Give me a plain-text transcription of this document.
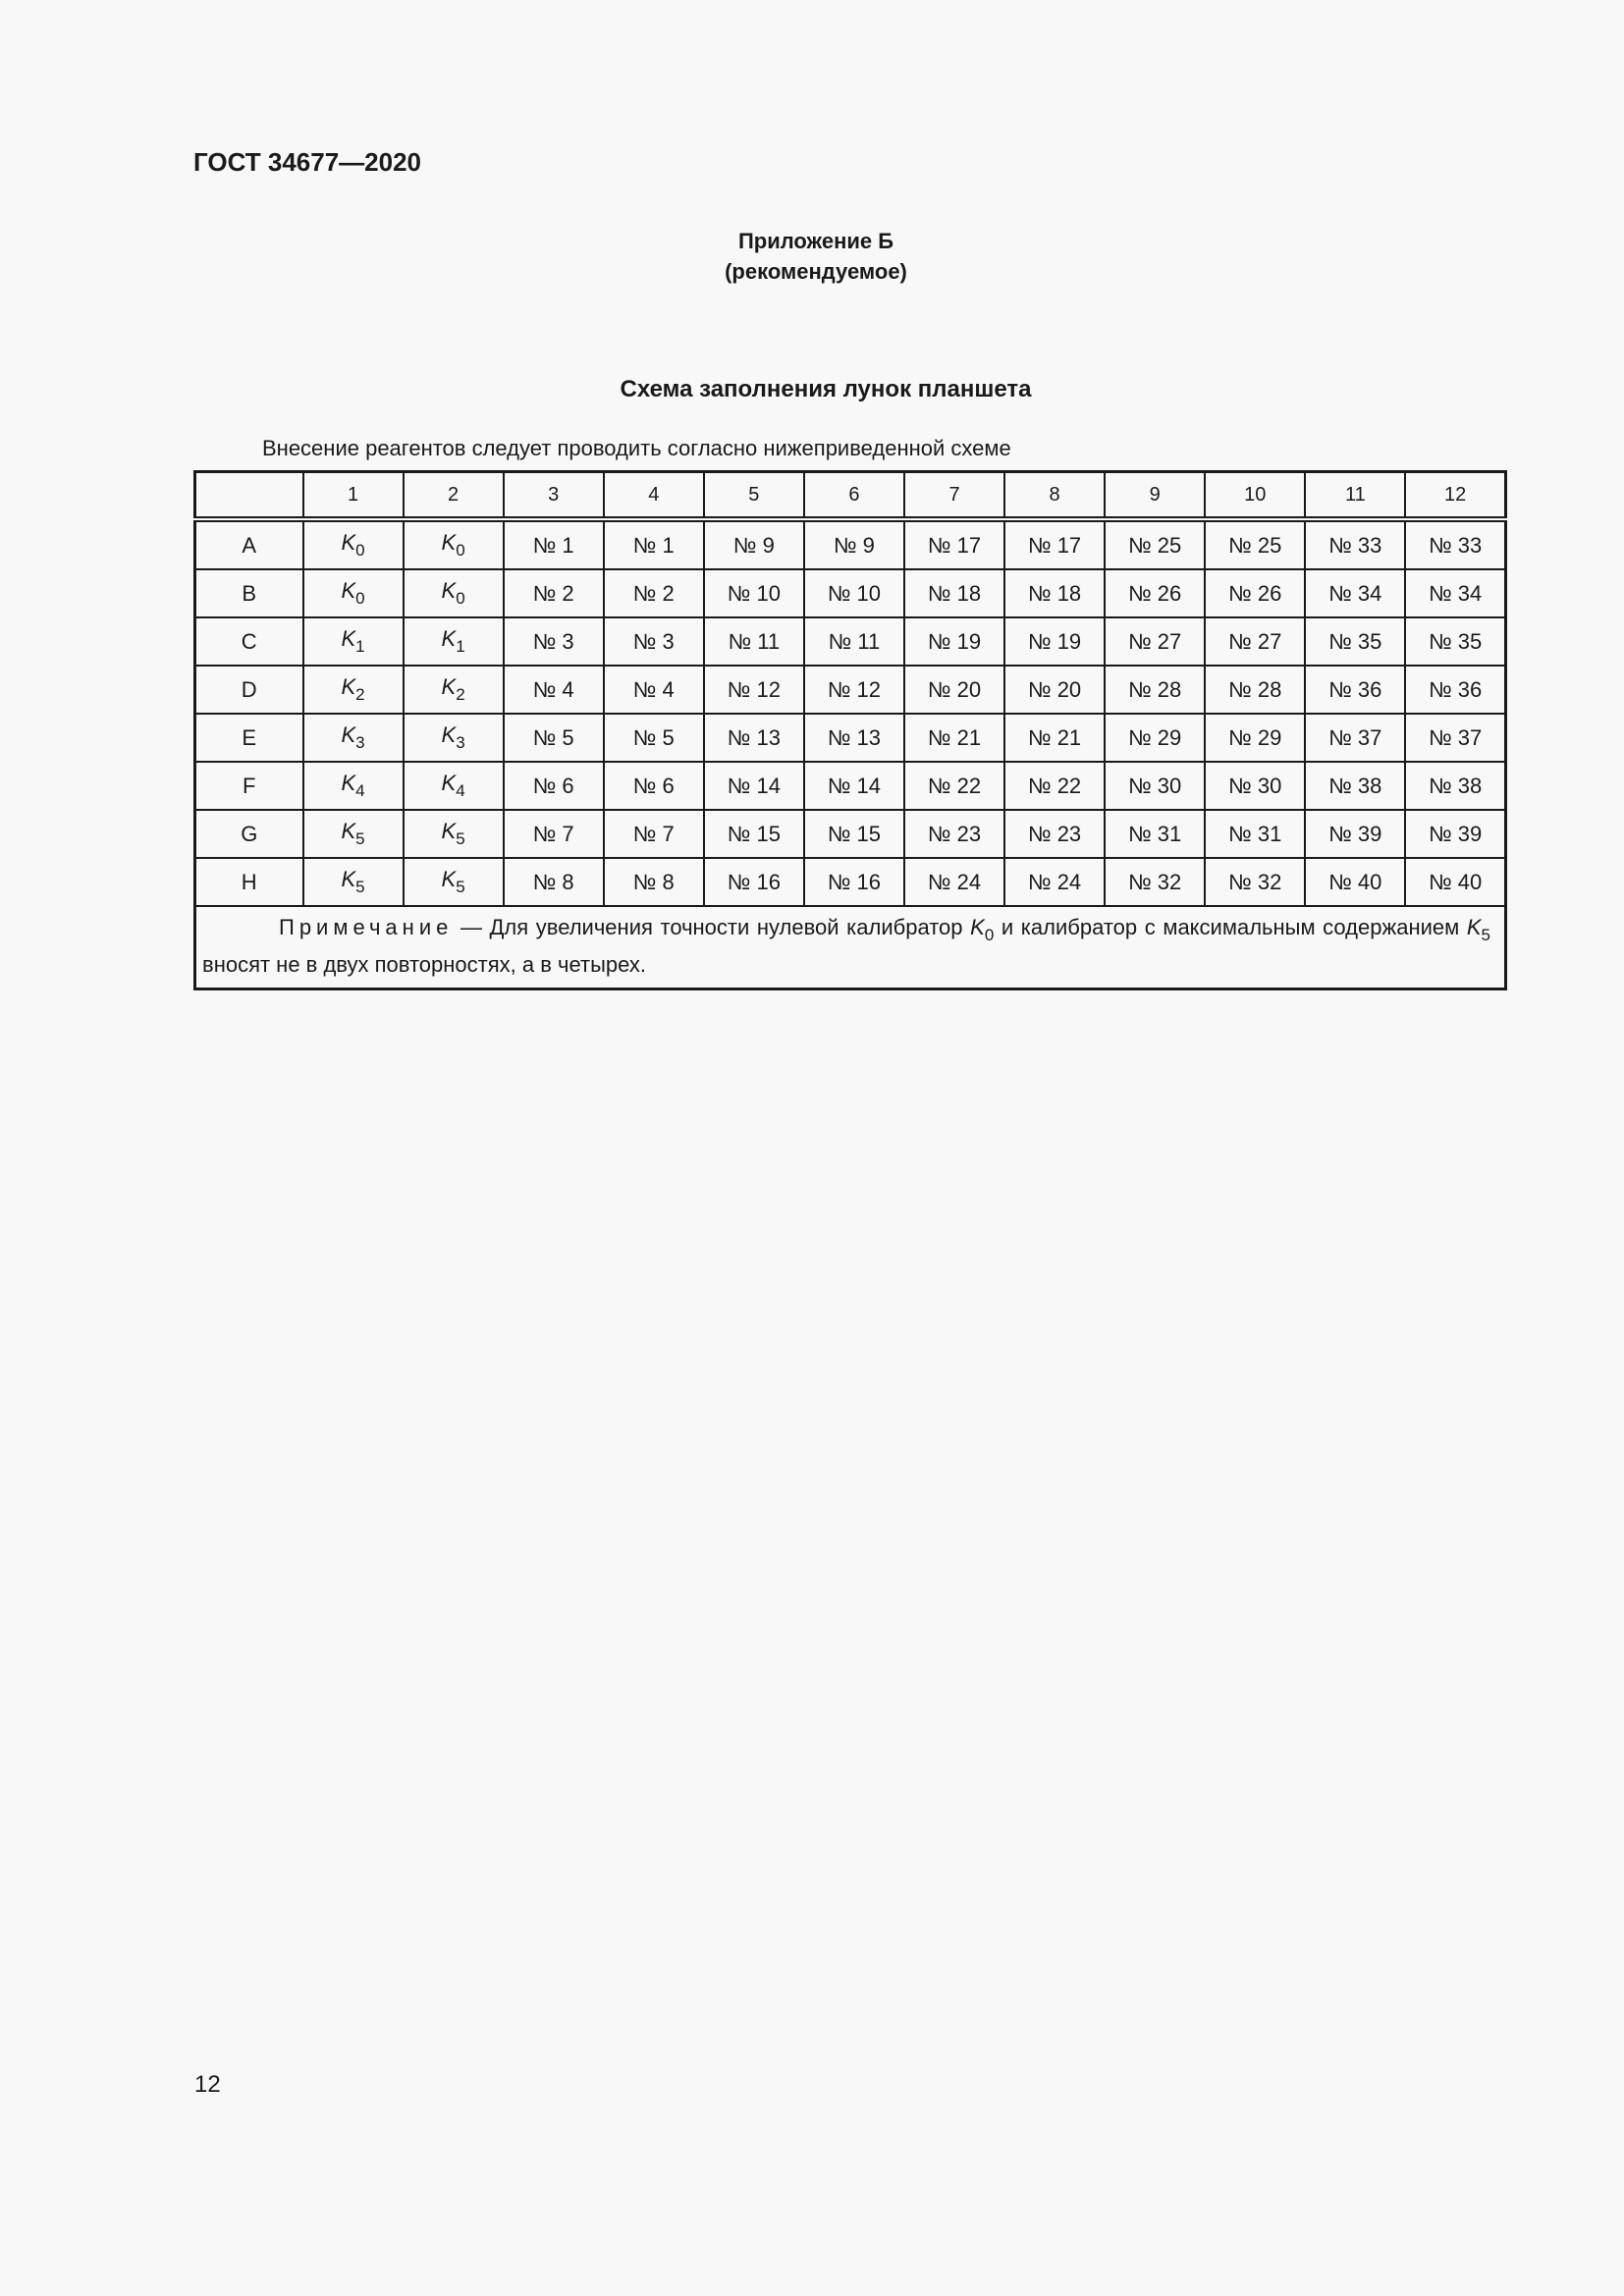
ГОСТ 34677—2020
Приложение Б
(рекомендуемое)
Схема заполнения лунок планшета
Внесение реагентов следует проводить согласно нижеприведенной схеме
	1	2	3	4	5	6	7	8	9	10	11	12
A	$K_0$	$K_0$	№ 1	№ 1	№ 9	№ 9	№ 17	№ 17	№ 25	№ 25	№ 33	№ 33
B	$K_0$	$K_0$	№ 2	№ 2	№ 10	№ 10	№ 18	№ 18	№ 26	№ 26	№ 34	№ 34
C	$K_1$	$K_1$	№ 3	№ 3	№ 11	№ 11	№ 19	№ 19	№ 27	№ 27	№ 35	№ 35
D	$K_2$	$K_2$	№ 4	№ 4	№ 12	№ 12	№ 20	№ 20	№ 28	№ 28	№ 36	№ 36
E	$K_3$	$K_3$	№ 5	№ 5	№ 13	№ 13	№ 21	№ 21	№ 29	№ 29	№ 37	№ 37
F	$K_4$	$K_4$	№ 6	№ 6	№ 14	№ 14	№ 22	№ 22	№ 30	№ 30	№ 38	№ 38
G	$K_5$	$K_5$	№ 7	№ 7	№ 15	№ 15	№ 23	№ 23	№ 31	№ 31	№ 39	№ 39
H	$K_5$	$K_5$	№ 8	№ 8	№ 16	№ 16	№ 24	№ 24	№ 32	№ 32	№ 40	№ 40
Примечание — Для увеличения точности нулевой калибратор $K_0$ и калибратор с максимальным содержанием $K_5$ вносят не в двух повторностях, а в четырех.												
12
